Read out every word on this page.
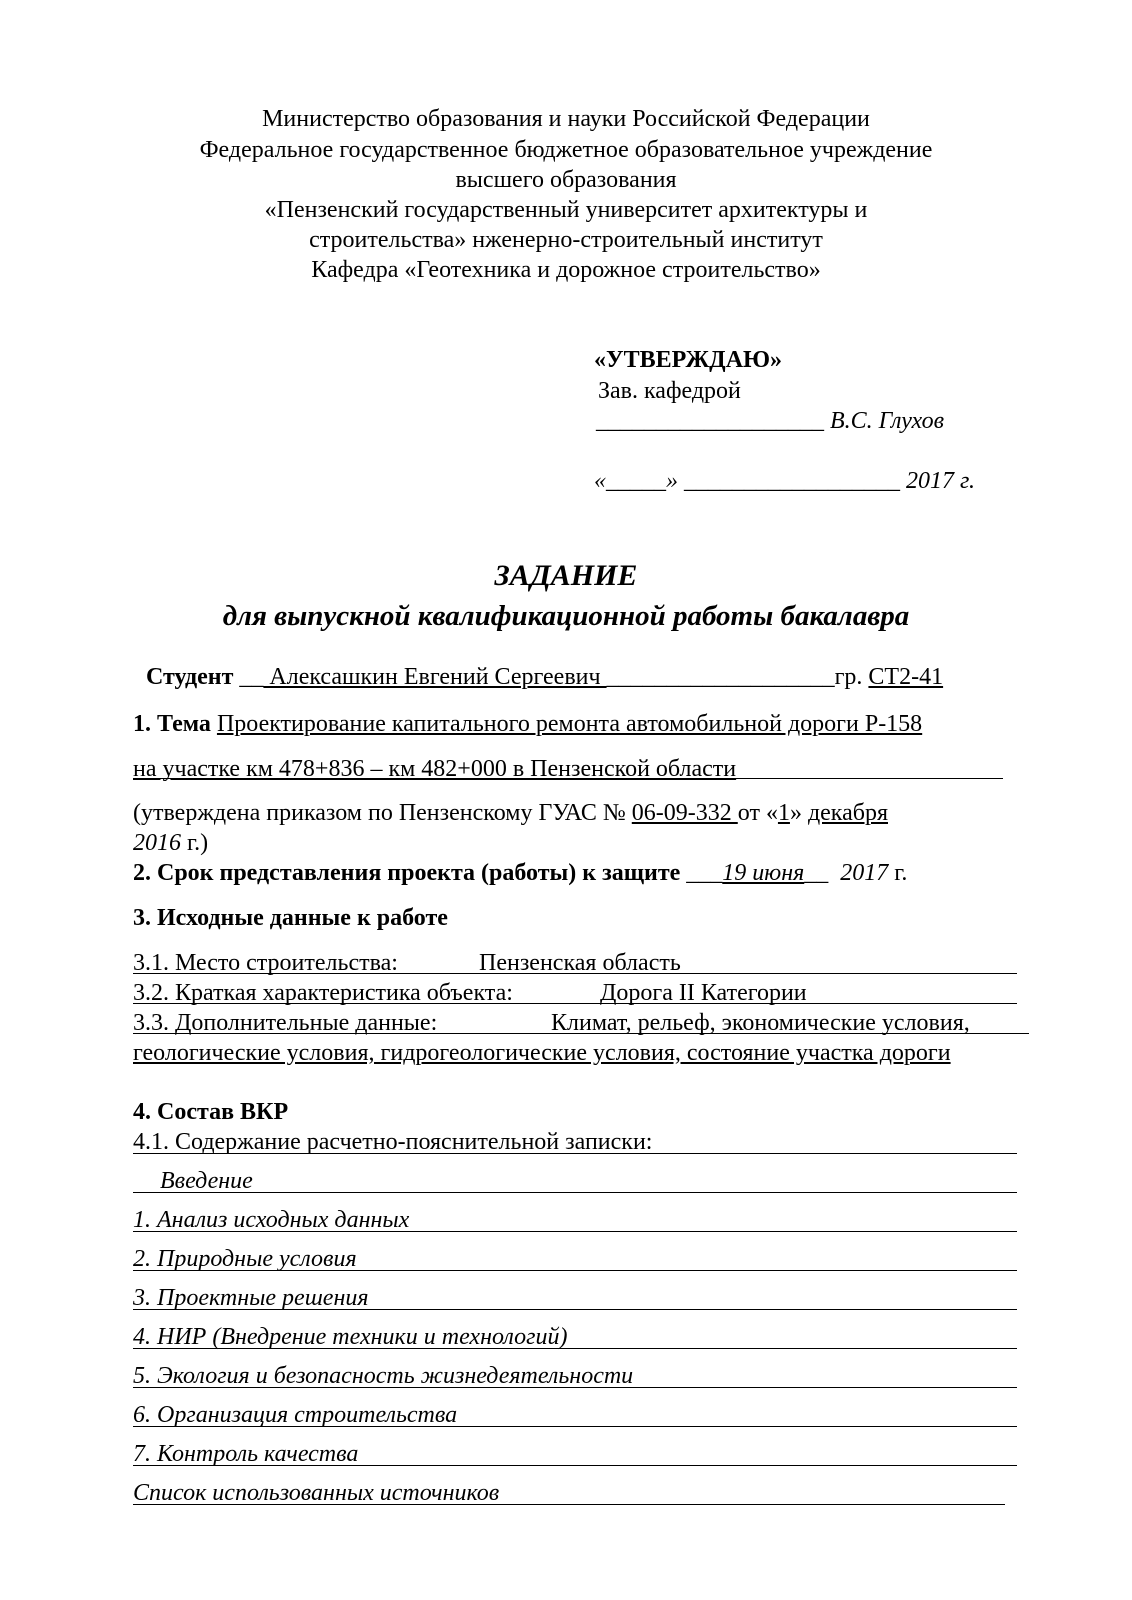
Министерство образования и науки Российской Федерации
Федеральное государственное бюджетное образовательное учреждение
высшего образования
«Пензенский государственный университет архитектуры и
строительства» нженерно-строительный институт
Кафедра «Геотехника и дорожное строительство»
«УТВЕРЖДАЮ»
Зав. кафедрой
___________________ В.С. Глухов
«_____» __________________ 2017 г.
ЗАДАНИЕ
для выпускной квалификационной работы бакалавра
Студент __ Алексашкин Евгений Сергеевич ___________________гр. СТ2-41
1. Тема Проектирование капитального ремонта автомобильной дороги Р-158
на участке км 478+836 – км 482+000 в Пензенской области
(утверждена приказом по Пензенскому ГУАС № 06-09-332 от «1» декабря
2016 г.)
2. Срок представления проекта (работы) к защите ___19 июня__ 2017 г.
3. Исходные данные к работе
3.1. Место строительства:	Пензенская область
3.2. Краткая характеристика объекта:	Дорога II Категории
3.3. Дополнительные данные:	Климат, рельеф, экономические условия,
геологические условия, гидрогеологические условия, состояние участка дороги
4. Состав ВКР
4.1. Содержание расчетно-пояснительной записки:
Введение
1. Анализ исходных данных
2. Природные условия
3. Проектные решения
4. НИР (Внедрение техники и технологий)
5. Экология и безопасность жизнедеятельности
6. Организация строительства
7. Контроль качества
Список использованных источников
